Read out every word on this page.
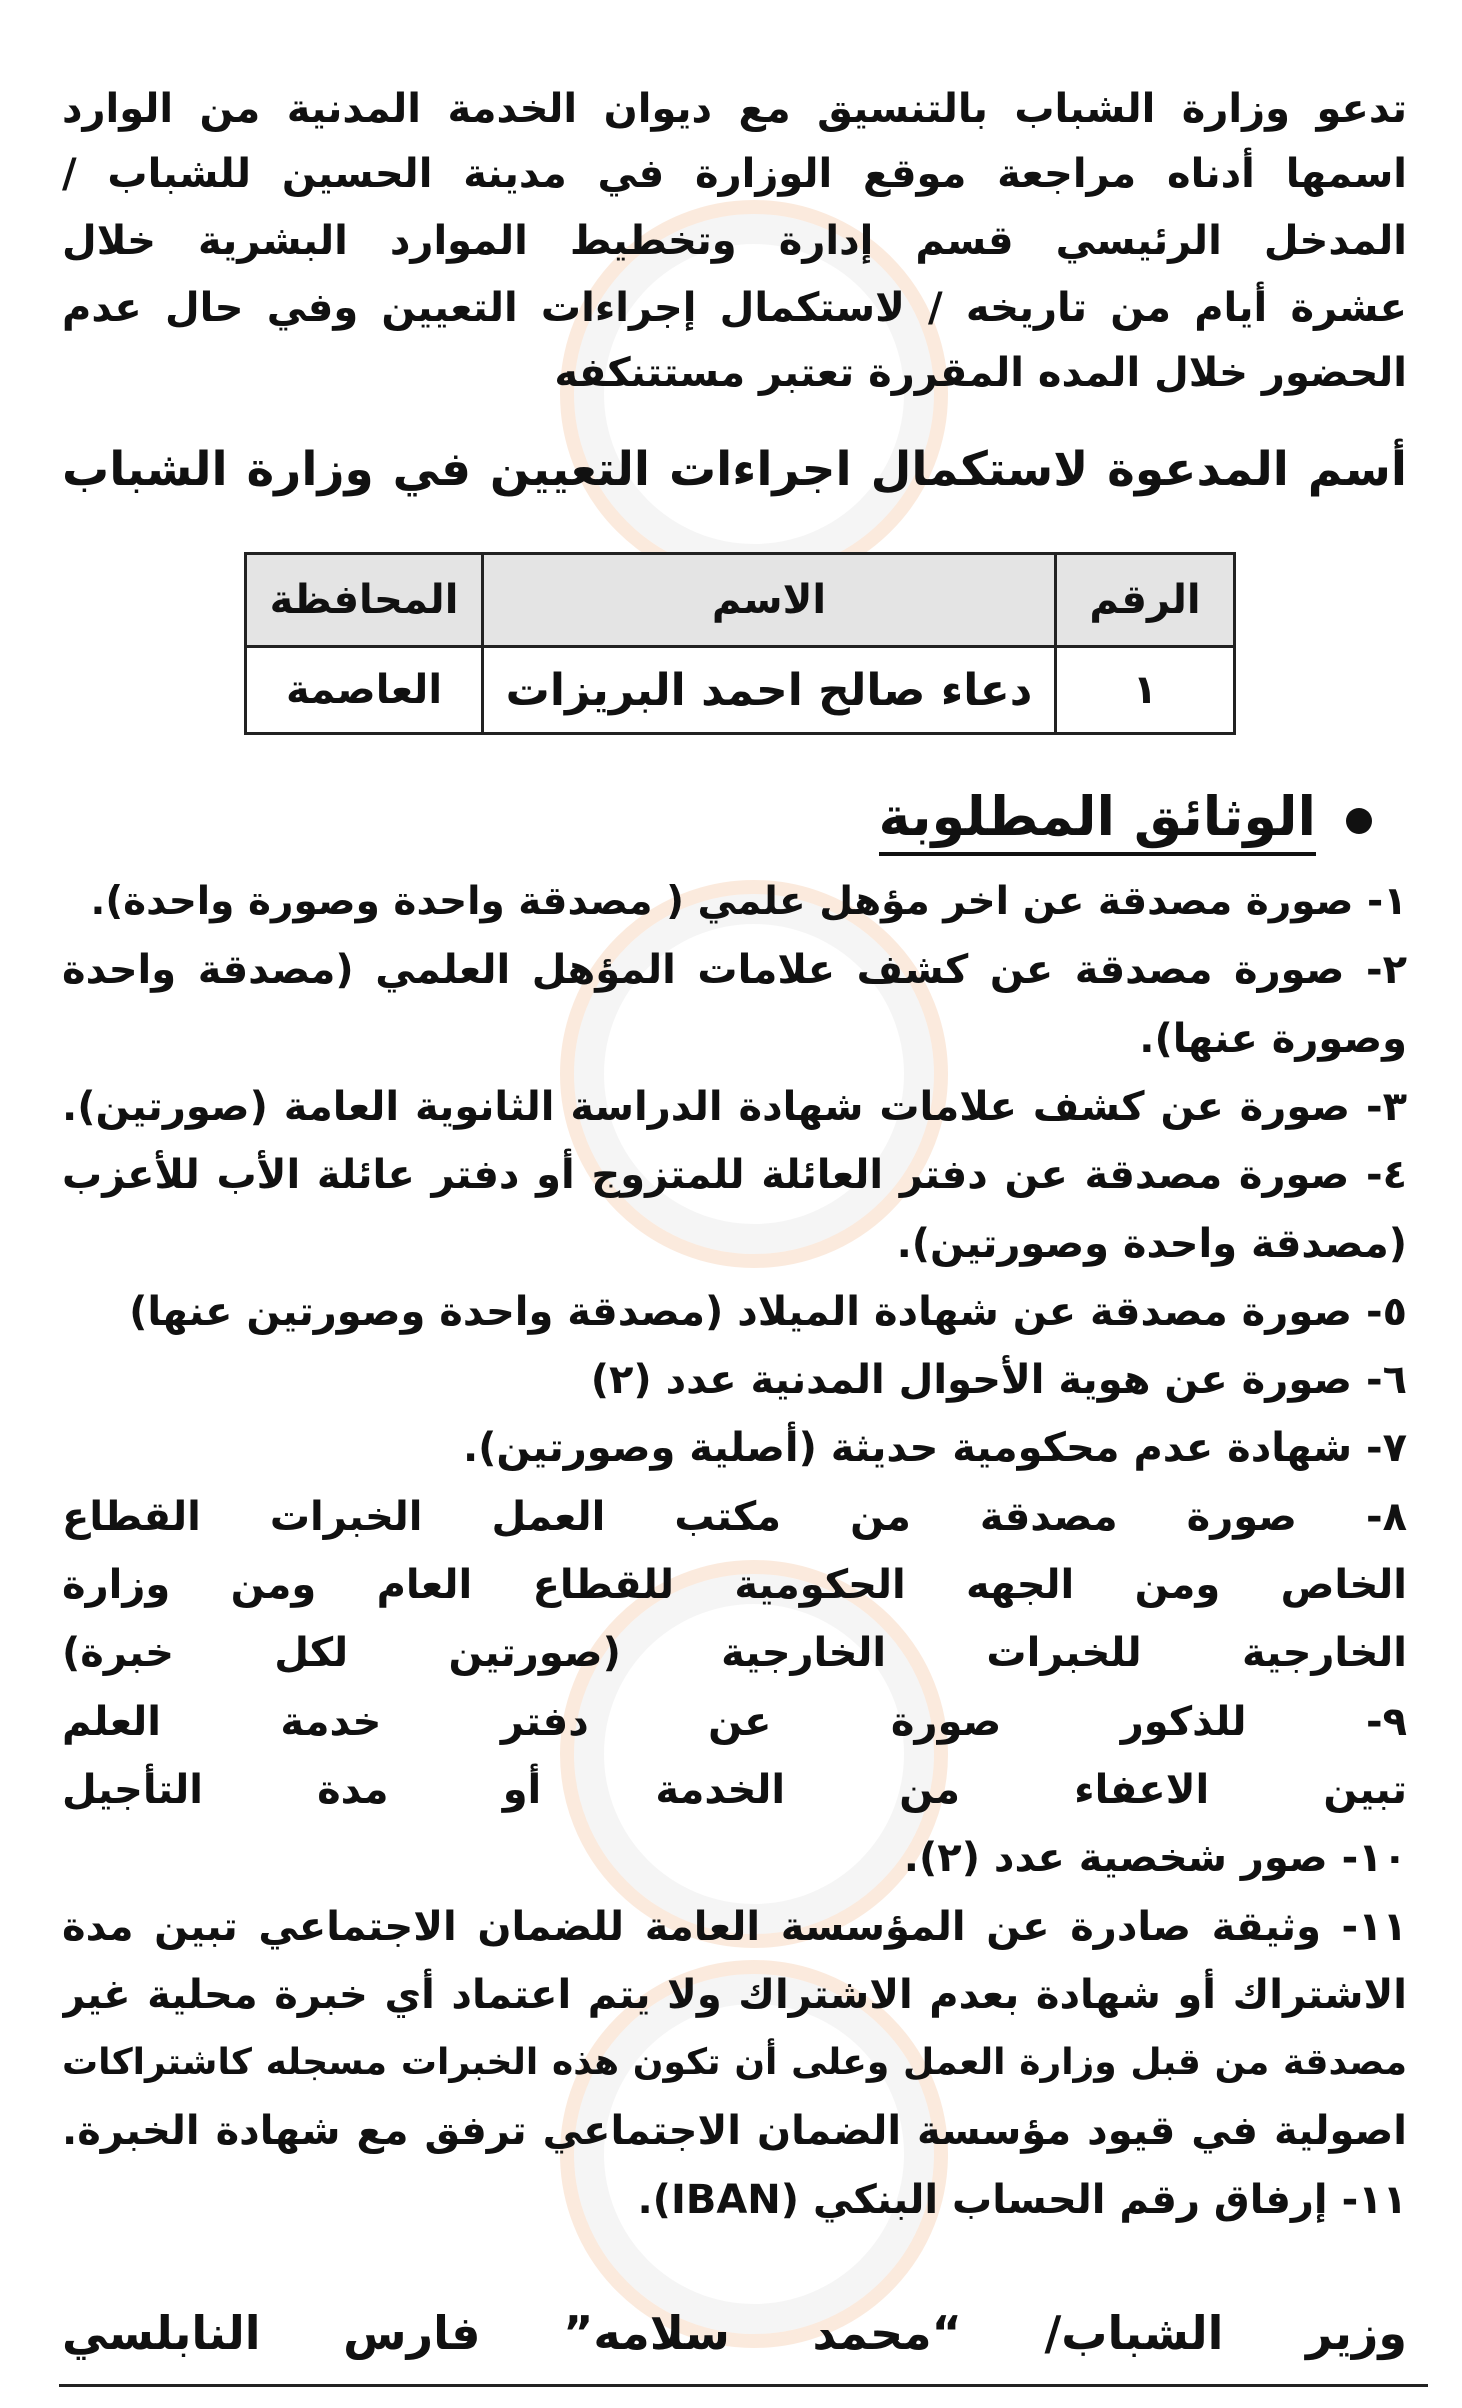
تدعو وزارة الشباب بالتنسيق مع ديوان الخدمة المدنية من الوارد
اسمها أدناه مراجعة موقع الوزارة في مدينة الحسين للشباب /
المدخل الرئيسي قسم إدارة وتخطيط الموارد البشرية خلال
عشرة أيام من تاريخه / لاستكمال إجراءات التعيين وفي حال عدم
الحضور خلال المده المقررة تعتبر مستتنكفه
أسم المدعوة لاستكمال اجراءات التعيين في وزارة الشباب
الرقم	الاسم	المحافظة
١	دعاء صالح احمد البريزات	العاصمة
الوثائق المطلوبة
١- صورة مصدقة عن اخر مؤهل علمي ( مصدقة واحدة وصورة واحدة).
٢- صورة مصدقة عن كشف علامات المؤهل العلمي (مصدقة واحدة
وصورة عنها).
٣- صورة عن كشف علامات شهادة الدراسة الثانوية العامة (صورتين).
٤- صورة مصدقة عن دفتر العائلة للمتزوج أو دفتر عائلة الأب للأعزب
(مصدقة واحدة وصورتين).
٥- صورة مصدقة عن شهادة الميلاد (مصدقة واحدة وصورتين عنها)
٦- صورة عن هوية الأحوال المدنية عدد (٢)
٧- شهادة عدم محكومية حديثة (أصلية وصورتين).
٨- صورة مصدقة من مكتب العمل الخبرات القطاع
الخاص ومن الجهه الحكومية للقطاع العام ومن وزارة
الخارجية للخبرات الخارجية (صورتين لكل خبرة)
٩- للذكور صورة عن دفتر خدمة العلم
تبين الاعفاء من الخدمة أو مدة التأجيل
١٠- صور شخصية عدد (٢).
١١- وثيقة صادرة عن المؤسسة العامة للضمان الاجتماعي تبين مدة
الاشتراك أو شهادة بعدم الاشتراك ولا يتم اعتماد أي خبرة محلية غير
مصدقة من قبل وزارة العمل وعلى أن تكون هذه الخبرات مسجله كاشتراكات
اصولية في قيود مؤسسة الضمان الاجتماعي ترفق مع شهادة الخبرة.
١١- إرفاق رقم الحساب البنكي (IBAN).
وزير الشباب/ “محمد سلامه” فارس النابلسي
